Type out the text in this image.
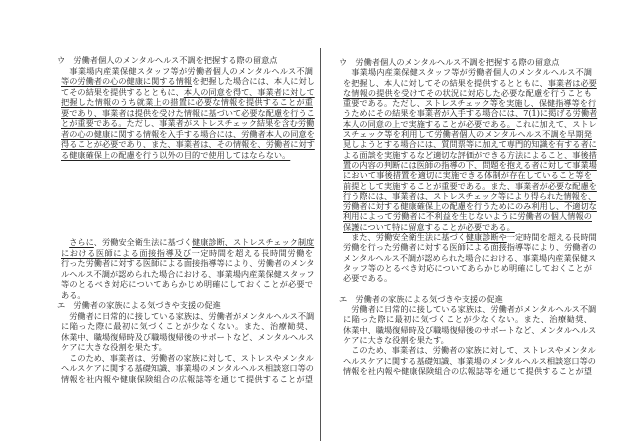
ウ　労働者個人のメンタルヘルス不調を把握する際の留意点
　事業場内産業保健スタッフ等が労働者個人のメンタルヘルス不調
等の労働者の心の健康に関する情報を把握した場合には、本人に対し
てその結果を提供するとともに、本人の同意を得て、事業者に対して
把握した情報のうち就業上の措置に必要な情報を提供することが重
要であり、事業者は提供を受けた情報に基づいて必要な配慮を行うこ
とが重要である。ただし、事業者がストレスチェック結果を含む労働
者の心の健康に関する情報を入手する場合には、労働者本人の同意を
得ることが必要であり、また、事業者は、その情報を、労働者に対す
る健康確保上の配慮を行う以外の目的で使用してはならない。
　さらに、労働安全衛生法に基づく健康診断、ストレスチェック制度
における医師による面接指導及び一定時間を超える長時間労働を
行った労働者に対する医師による面接指導等により、労働者のメンタ
ルヘルス不調が認められた場合における、事業場内産業保健スタッフ
等のとるべき対応についてあらかじめ明確にしておくことが必要で
ある。
エ　労働者の家族による気づきや支援の促進
　労働者に日常的に接している家族は、労働者がメンタルヘルス不調
に陥った際に最初に気づくことが少なくない。また、治療勧奨、
休業中、職場復帰時及び職場復帰後のサポートなど、メンタルヘルス
ケアに大きな役割を果たす。
　このため、事業者は、労働者の家族に対して、ストレスやメンタル
ヘルスケアに関する基礎知識、事業場のメンタルヘルス相談窓口等の
情報を社内報や健康保険組合の広報誌等を通じて提供することが望
ウ　労働者個人のメンタルヘルス不調を把握する際の留意点
　事業場内産業保健スタッフ等が労働者個人のメンタルヘルス不調
を把握し、本人に対してその結果を提供するとともに、事業者は必要
な情報の提供を受けてその状況に対応した必要な配慮を行うことも
重要である。ただし、ストレスチェック等を実施し、保健指導等を行
うためにその結果を事業者が入手する場合には、7(1)に掲げる労働者
本人の同意の上で実施することが必要である。これに加えて、ストレ
スチェック等を利用して労働者個人のメンタルヘルス不調を早期発
見しようとする場合には、質問票等に加えて専門的知識を有する者に
よる面談を実施するなど適切な評価ができる方法によること、事後措
置の内容の判断には医師の指導の下、問題を抱える者に対して事業場
において事後措置を適切に実施できる体制が存在していること等を
前提として実施することが重要である。また、事業者が必要な配慮を
行う際には、事業者は、ストレスチェック等により得られた情報を、
労働者に対する健康確保上の配慮を行うためにのみ利用し、不適切な
利用によって労働者に不利益を生じないように労働者の個人情報の
保護について特に留意することが必要である。
　また、労働安全衛生法に基づく健康診断や一定時間を超える長時間
労働を行った労働者に対する医師による面接指導等により、労働者の
メンタルヘルス不調が認められた場合における、事業場内産業保健ス
タッフ等のとるべき対応についてあらかじめ明確にしておくことが
必要である。
エ　労働者の家族による気づきや支援の促進
　労働者に日常的に接している家族は、労働者がメンタルヘルス不調
に陥った際に最初に気づくことが少なくない。また、治療勧奨、
休業中、職場復帰時及び職場復帰後のサポートなど、メンタルヘルス
ケアに大きな役割を果たす。
　このため、事業者は、労働者の家族に対して、ストレスやメンタル
ヘルスケアに関する基礎知識、事業場のメンタルヘルス相談窓口等の
情報を社内報や健康保険組合の広報誌等を通じて提供することが望
